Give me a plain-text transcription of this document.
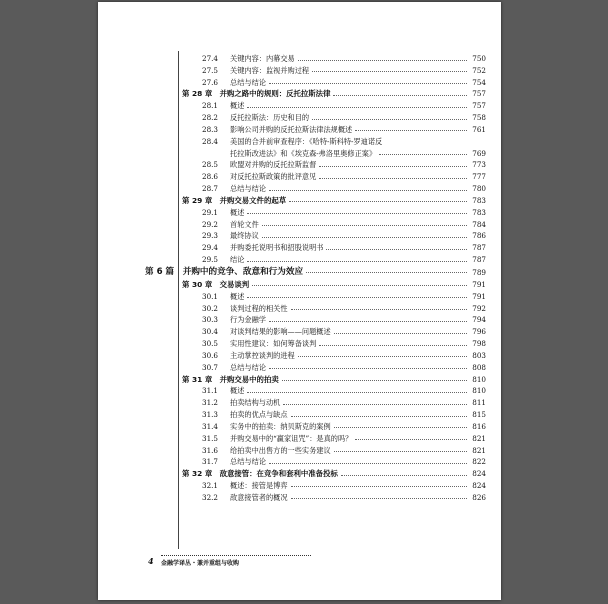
27.4 关键内容：内幕交易	750
27.5 关键内容：监视并购过程	752
27.6 总结与结论	754
第 28 章　并购之路中的规则：反托拉斯法律	757
28.1 概述	757
28.2 反托拉斯法：历史和目的	758
28.3 影响公司并购的反托拉斯法律法规概述	761
28.4 美国的合并前审查程序：《哈特-斯科特-罗迪诺反
托拉斯改进法》和《埃克森-弗洛里奥修正案》	769
28.5 欧盟对并购的反托拉斯监督	773
28.6 对反托拉斯政策的批评意见	777
28.7 总结与结论	780
第 29 章　并购交易文件的起草	783
29.1 概述	783
29.2 首轮文件	784
29.3 最终协议	786
29.4 并购委托说明书和招股说明书	787
29.5 结论	787
第 6 篇　并购中的竞争、敌意和行为效应	789
第 30 章　交易谈判	791
30.1 概述	791
30.2 谈判过程的相关性	792
30.3 行为金融学	794
30.4 对谈判结果的影响——问题概述	796
30.5 实用性建议：如何筹备谈判	798
30.6 主动掌控谈判的进程	803
30.7 总结与结论	808
第 31 章　并购交易中的拍卖	810
31.1 概述	810
31.2 拍卖结构与动机	811
31.3 拍卖的优点与缺点	815
31.4 实务中的拍卖：纳贝斯克的案例	816
31.5 并购交易中的“赢家诅咒”：是真的吗？	821
31.6 给拍卖中出售方的一些实务建议	821
31.7 总结与结论	822
第 32 章　敌意接管：在竞争和套利中准备投标	824
32.1 概述：接管是博弈	824
32.2 敌意接管者的概况	826
4 金融学译丛・兼并重组与收购
